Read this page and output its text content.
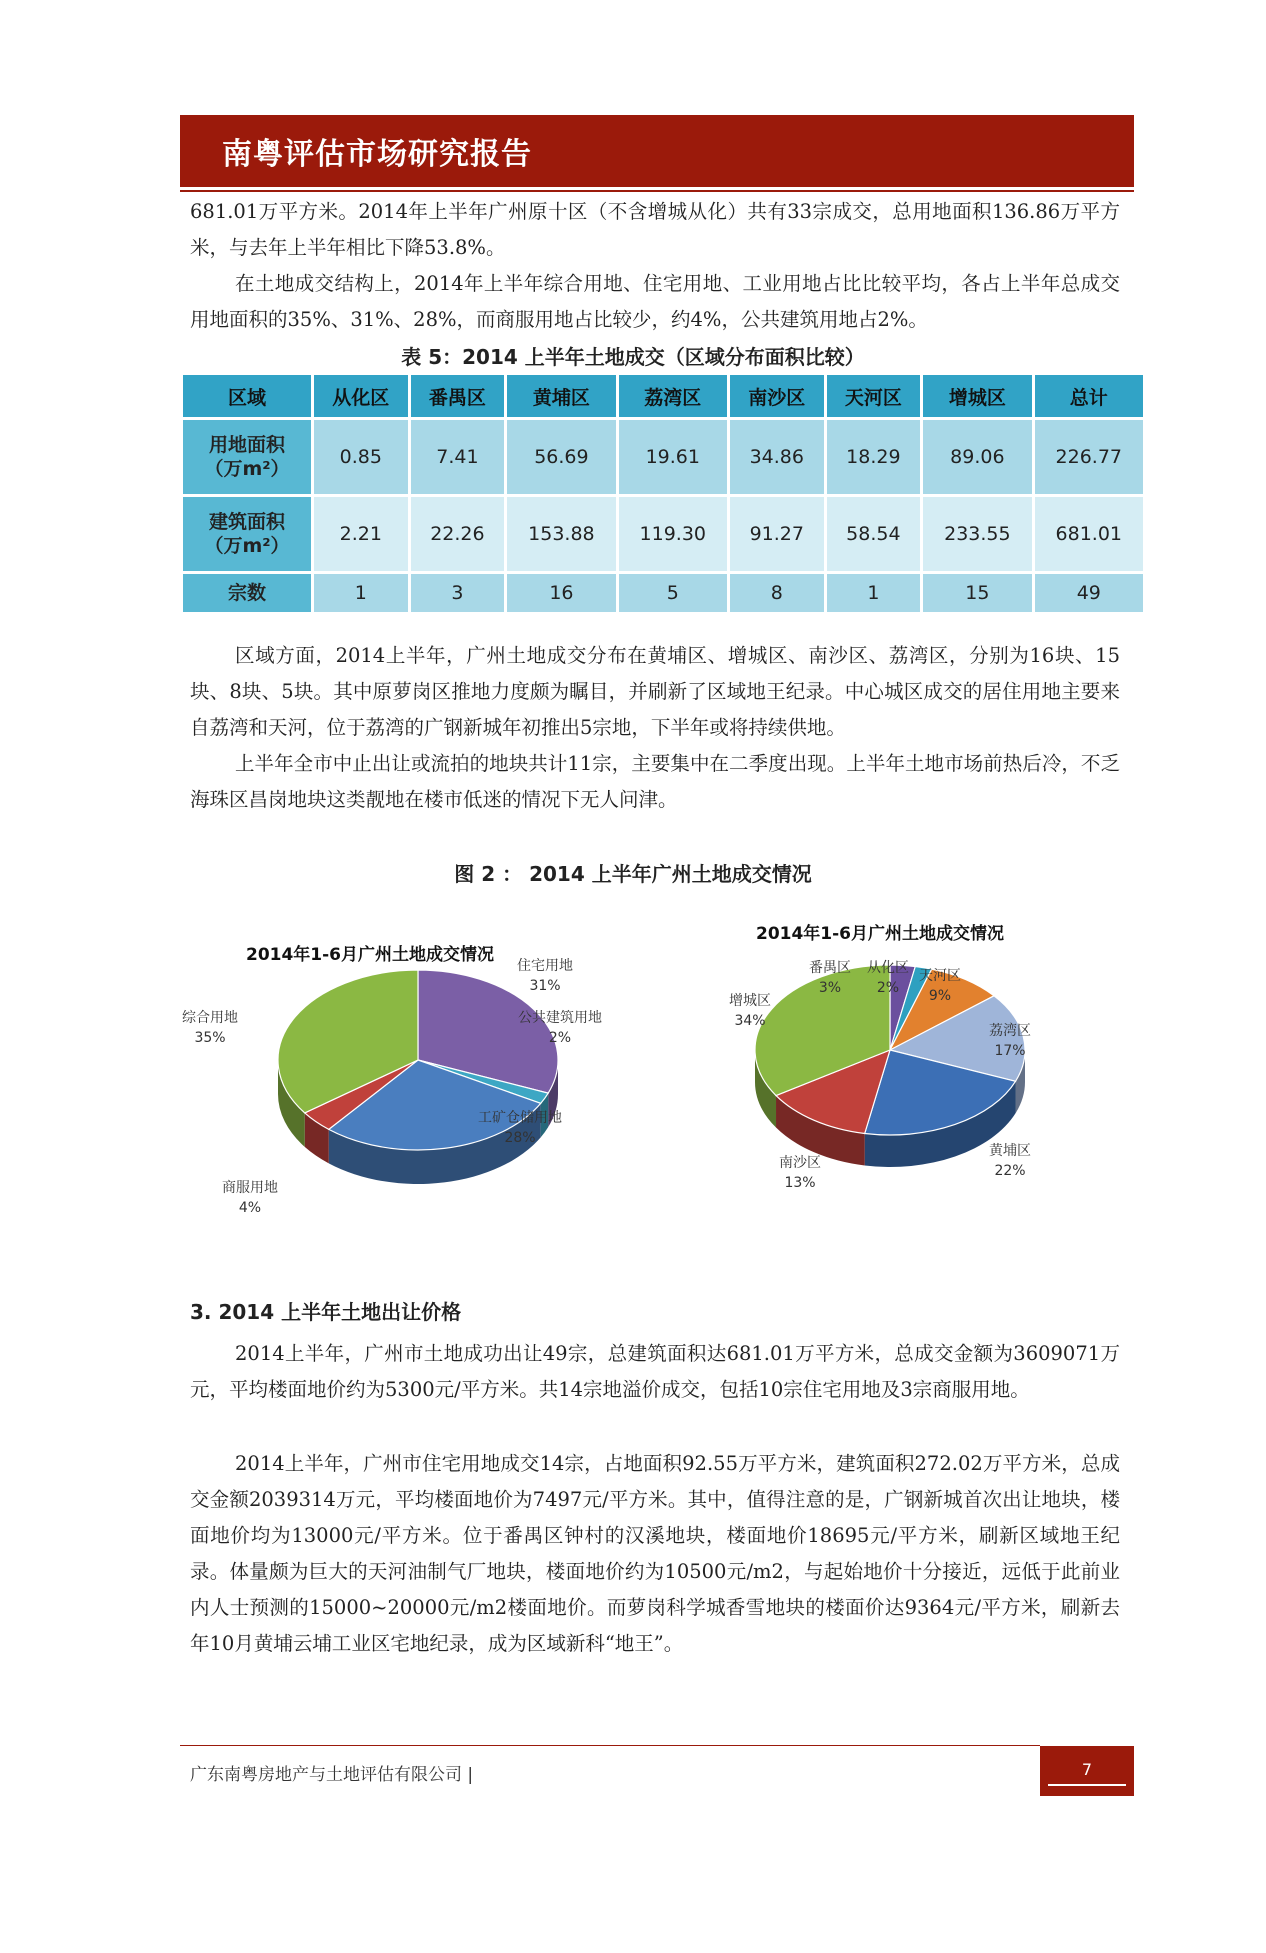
南粤评估市场研究报告

681.01万平方米。2014年上半年广州原十区（不含增城从化）共有33宗成交，总用地面积136.86万平方米，与去年上半年相比下降53.8%。

在土地成交结构上，2014年上半年综合用地、住宅用地、工业用地占比比较平均，各占上半年总成交用地面积的35%、31%、28%，而商服用地占比较少，约4%，公共建筑用地占2%。

表 5：2014 上半年土地成交（区域分布面积比较）
区域	从化区	番禺区	黄埔区	荔湾区	南沙区	天河区	增城区	总计
用地面积
（万m²）	0.85	7.41	56.69	19.61	34.86	18.29	89.06	226.77
建筑面积
（万m²）	2.21	22.26	153.88	119.30	91.27	58.54	233.55	681.01
宗数	1	3	16	5	8	1	15	49

区域方面，2014上半年，广州土地成交分布在黄埔区、增城区、南沙区、荔湾区，分别为16块、15块、8块、5块。其中原萝岗区推地力度颇为瞩目，并刷新了区域地王纪录。中心城区成交的居住用地主要来自荔湾和天河，位于荔湾的广钢新城年初推出5宗地，下半年或将持续供地。

上半年全市中止出让或流拍的地块共计11宗，主要集中在二季度出现。上半年土地市场前热后冷，不乏海珠区昌岗地块这类靓地在楼市低迷的情况下无人问津。

图 2 ： 2014 上半年广州土地成交情况
2014年1-6月广州土地成交情况
住宅用地 31%
公共建筑用地 2%
工矿仓储用地 28%
商服用地 4%
综合用地 35%
2014年1-6月广州土地成交情况
番禺区 3%
从化区 2%
天河区 9%
荔湾区 17%
黄埔区 22%
南沙区 13%
增城区 34%
3. 2014 上半年土地出让价格

2014上半年，广州市土地成功出让49宗，总建筑面积达681.01万平方米，总成交金额为3609071万元，平均楼面地价约为5300元/平方米。共14宗地溢价成交，包括10宗住宅用地及3宗商服用地。

2014上半年，广州市住宅用地成交14宗，占地面积92.55万平方米，建筑面积272.02万平方米，总成交金额2039314万元，平均楼面地价为7497元/平方米。其中，值得注意的是，广钢新城首次出让地块，楼面地价均为13000元/平方米。位于番禺区钟村的汉溪地块，楼面地价18695元/平方米，刷新区域地王纪录。体量颇为巨大的天河油制气厂地块，楼面地价约为10500元/m2，与起始地价十分接近，远低于此前业内人士预测的15000~20000元/m2楼面地价。而萝岗科学城香雪地块的楼面价达9364元/平方米，刷新去年10月黄埔云埔工业区宅地纪录，成为区域新科“地王”。

广东南粤房地产与土地评估有限公司 |	7
